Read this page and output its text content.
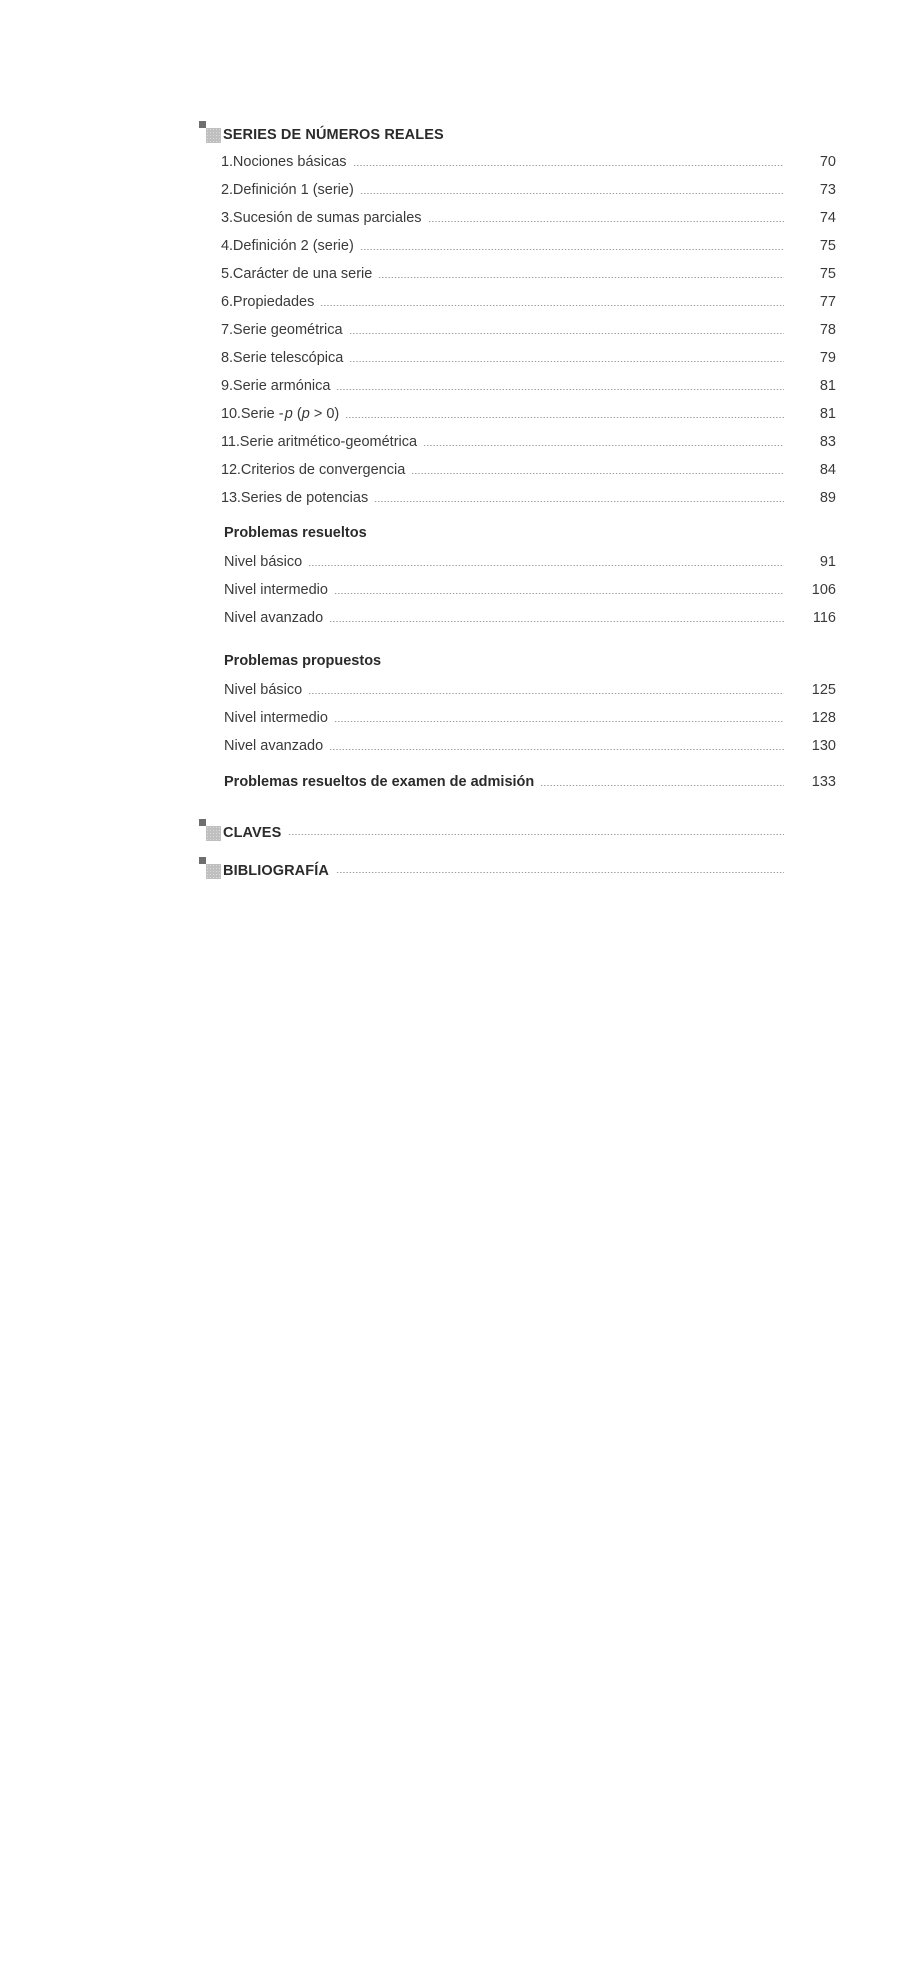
SERIES DE NÚMEROS REALES
1. Nociones básicas	70
2. Definición 1 (serie)	73
3. Sucesión de sumas parciales	74
4. Definición 2 (serie)	75
5. Carácter de una serie	75
6. Propiedades	77
7. Serie geométrica	78
8. Serie telescópica	79
9. Serie armónica	81
10. Serie - p (p > 0)	81
11. Serie aritmético-geométrica	83
12. Criterios de convergencia	84
13. Series de potencias	89
Problemas resueltos
Nivel básico	91
Nivel intermedio	106
Nivel avanzado	116
Problemas propuestos
Nivel básico	125
Nivel intermedio	128
Nivel avanzado	130
Problemas resueltos de examen de admisión	133
CLAVES
BIBLIOGRAFÍA
